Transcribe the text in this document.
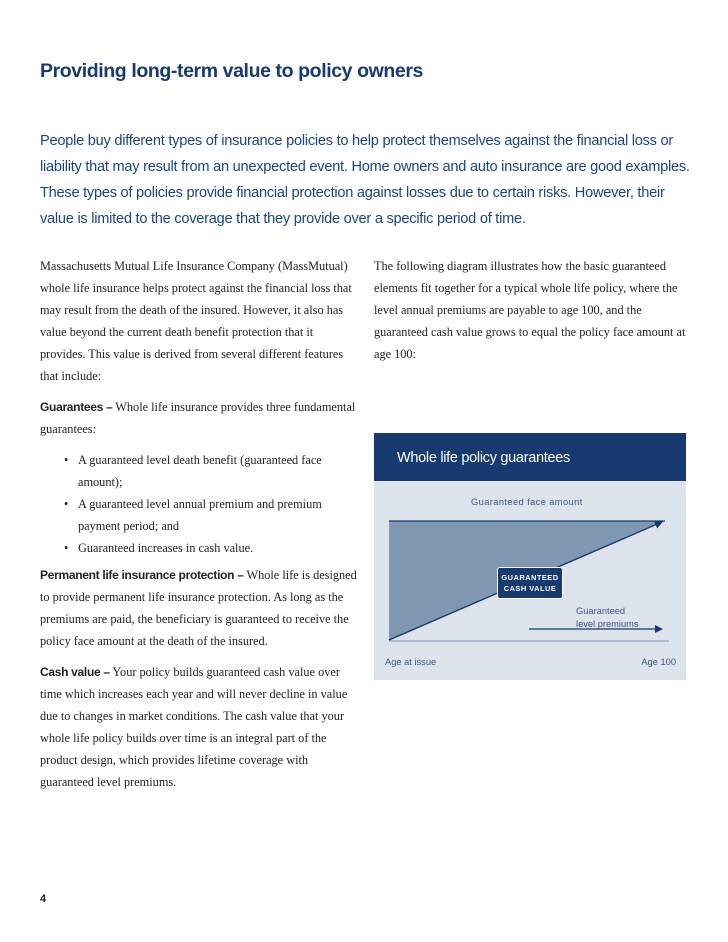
Providing long-term value to policy owners

People buy different types of insurance policies to help protect themselves against the financial loss or liability that may result from an unexpected event. Home owners and auto insurance are good examples. These types of policies provide financial protection against losses due to certain risks. However, their value is limited to the coverage that they provide over a specific period of time.

Massachusetts Mutual Life Insurance Company (MassMutual) whole life insurance helps protect against the financial loss that may result from the death of the insured. However, it also has value beyond the current death benefit protection that it provides. This value is derived from several different features that include:

Guarantees – Whole life insurance provides three fundamental guarantees:

• A guaranteed level death benefit (guaranteed face amount);
• A guaranteed level annual premium and premium payment period; and
• Guaranteed increases in cash value.

Permanent life insurance protection – Whole life is designed to provide permanent life insurance protection. As long as the premiums are paid, the beneficiary is guaranteed to receive the policy face amount at the death of the insured.

Cash value – Your policy builds guaranteed cash value over time which increases each year and will never decline in value due to changes in market conditions. The cash value that your whole life policy builds over time is an integral part of the product design, which provides lifetime coverage with guaranteed level premiums.

The following diagram illustrates how the basic guaranteed elements fit together for a typical whole life policy, where the level annual premiums are payable to age 100, and the guaranteed cash value grows to equal the policy face amount at age 100:

Whole life policy guarantees
Guaranteed face amount
GUARANTEED
CASH VALUE
Guaranteed
level premiums
Age at issue	Age 100
4
